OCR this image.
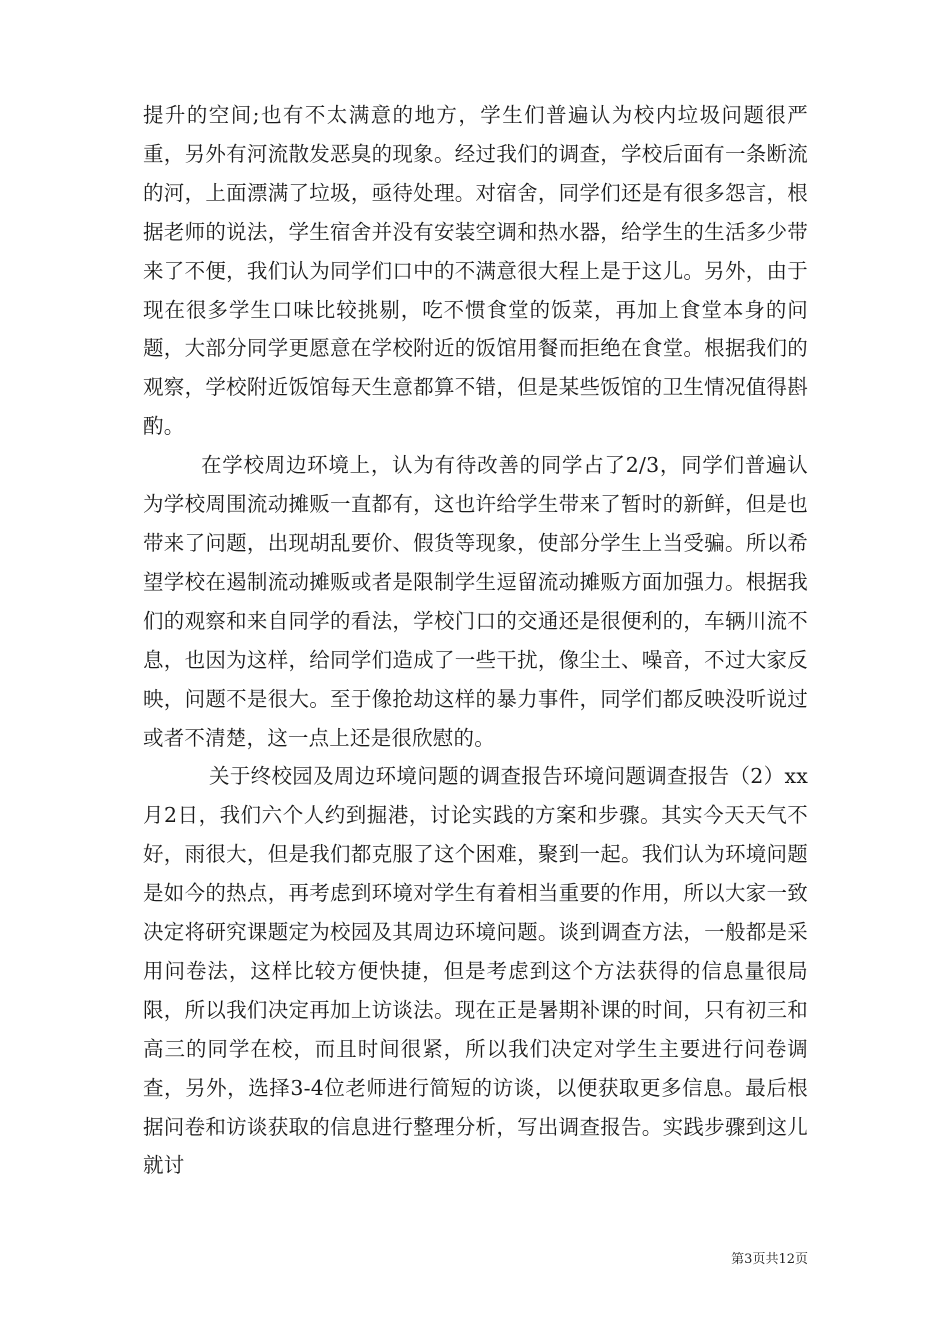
提升的空间;也有不太满意的地方，学生们普遍认为校内垃圾问题很严重，另外有河流散发恶臭的现象。经过我们的调查，学校后面有一条断流的河，上面漂满了垃圾，亟待处理。对宿舍，同学们还是有很多怨言，根据老师的说法，学生宿舍并没有安装空调和热水器，给学生的生活多少带来了不便，我们认为同学们口中的不满意很大程上是于这儿。另外，由于现在很多学生口味比较挑剔，吃不惯食堂的饭菜，再加上食堂本身的问题，大部分同学更愿意在学校附近的饭馆用餐而拒绝在食堂。根据我们的观察，学校附近饭馆每天生意都算不错，但是某些饭馆的卫生情况值得斟酌。

在学校周边环境上，认为有待改善的同学占了2/3，同学们普遍认为学校周围流动摊贩一直都有，这也许给学生带来了暂时的新鲜，但是也带来了问题，出现胡乱要价、假货等现象，使部分学生上当受骗。所以希望学校在遏制流动摊贩或者是限制学生逗留流动摊贩方面加强力。根据我们的观察和来自同学的看法，学校门口的交通还是很便利的，车辆川流不息，也因为这样，给同学们造成了一些干扰，像尘土、噪音，不过大家反映，问题不是很大。至于像抢劫这样的暴力事件，同学们都反映没听说过或者不清楚，这一点上还是很欣慰的。

关于终校园及周边环境问题的调查报告环境问题调查报告（2）xx月2日，我们六个人约到掘港，讨论实践的方案和步骤。其实今天天气不好，雨很大，但是我们都克服了这个困难，聚到一起。我们认为环境问题是如今的热点，再考虑到环境对学生有着相当重要的作用，所以大家一致决定将研究课题定为校园及其周边环境问题。谈到调查方法，一般都是采用问卷法，这样比较方便快捷，但是考虑到这个方法获得的信息量很局限，所以我们决定再加上访谈法。现在正是暑期补课的时间，只有初三和高三的同学在校，而且时间很紧，所以我们决定对学生主要进行问卷调查，另外，选择3-4位老师进行简短的访谈，以便获取更多信息。最后根据问卷和访谈获取的信息进行整理分析，写出调查报告。实践步骤到这儿就讨

第3页共12页
